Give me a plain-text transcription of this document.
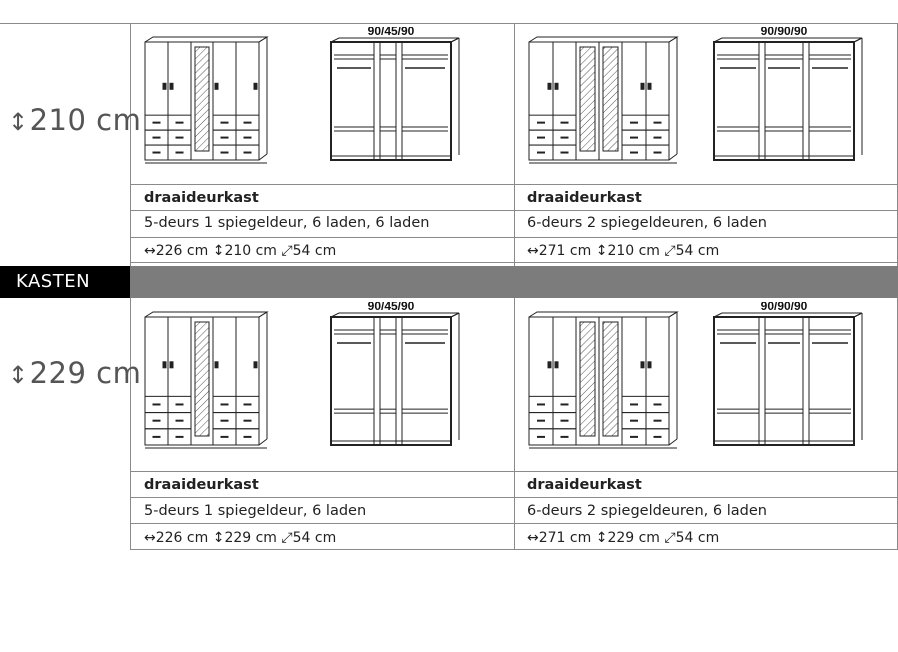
↕210 cm
↕229 cm
KASTEN
90/45/90	90/90/90
90/45/90	90/90/90
draaideurkast
5-deurs 1 spiegeldeur, 6 laden, 6 laden
↔226 cm ↕210 cm ⤢54 cm
draaideurkast
6-deurs 2 spiegeldeuren, 6 laden
↔271 cm ↕210 cm ⤢54 cm
draaideurkast
5-deurs 1 spiegeldeur, 6 laden
↔226 cm ↕229 cm ⤢54 cm
draaideurkast
6-deurs 2 spiegeldeuren, 6 laden
↔271 cm ↕229 cm ⤢54 cm
